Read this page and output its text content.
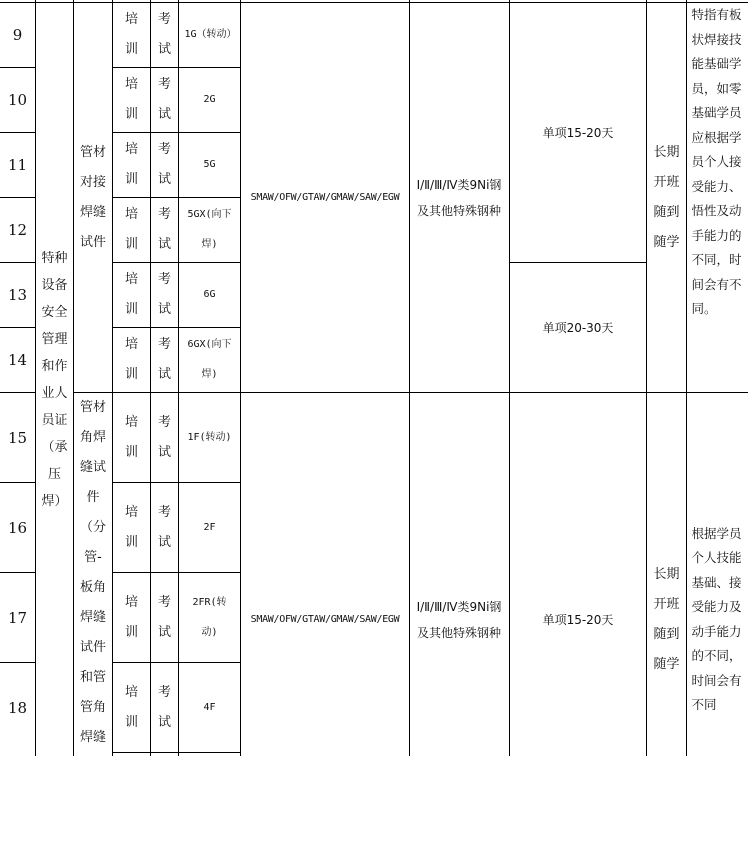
特种设备安全管理和作业人员证（承压焊）
管材对接焊缝试件
SMAW/OFW/GTAW/GMAW/SAW/EGW
Ⅰ/Ⅱ/Ⅲ/Ⅳ类9Ni钢及其他特殊钢种
单项15-20天
单项20-30天
长期开班随到随学
特指有板状焊接技能基础学员，如零基础学员应根据学员个人接受能力、悟性及动手能力的不同，时间会有不同。
管材角焊缝试件（分管-板角焊缝试件和管管角焊缝
SMAW/OFW/GTAW/GMAW/SAW/EGW
Ⅰ/Ⅱ/Ⅲ/Ⅳ类9Ni钢及其他特殊钢种
单项15-20天
长期开班随到随学
根据学员个人技能基础、接受能力及动手能力的不同，时间会有不同
9
培训
考试
1G（转动）
10
培训
考试
2G
11
培训
考试
5G
12
培训
考试
5GX(向下焊)
13
培训
考试
6G
14
培训
考试
6GX(向下焊)
15
培训
考试
1F(转动)
16
培训
考试
2F
17
培训
考试
2FR(转动)
18
培训
考试
4F
